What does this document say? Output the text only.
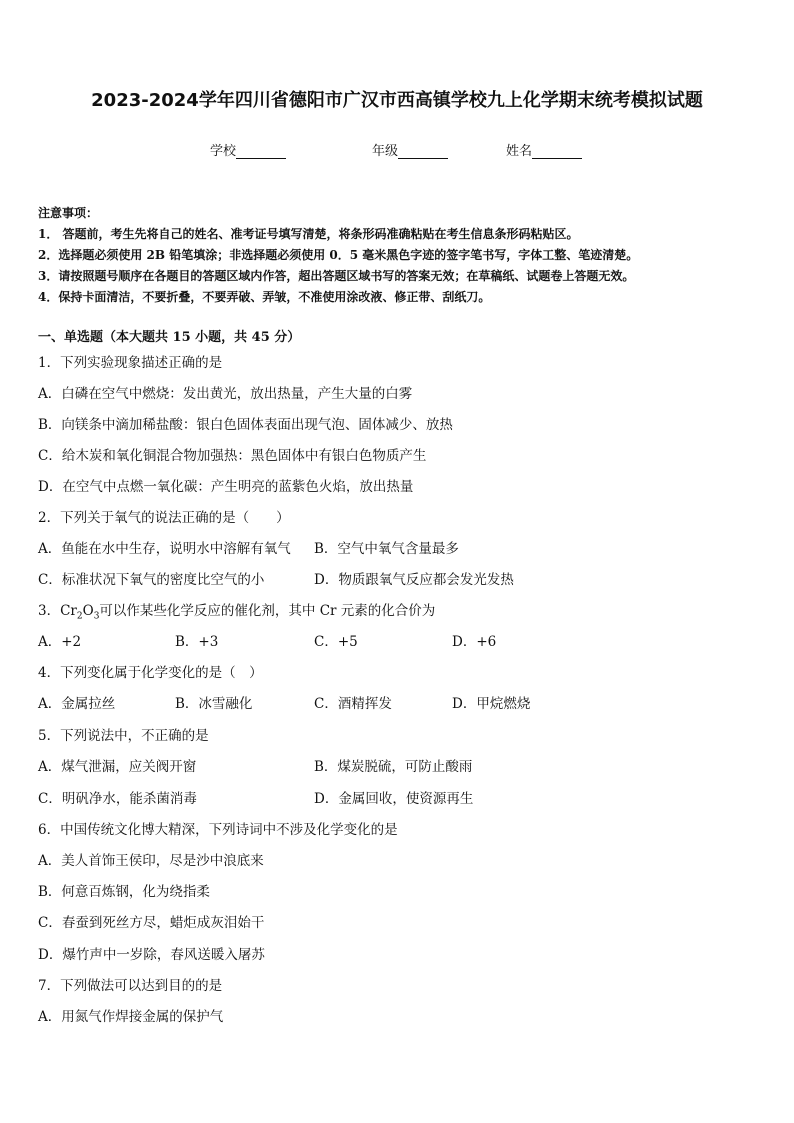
2023-2024学年四川省德阳市广汉市西高镇学校九上化学期末统考模拟试题
学校	年级	姓名
注意事项：
1． 答题前，考生先将自己的姓名、准考证号填写清楚，将条形码准确粘贴在考生信息条形码粘贴区。
2．选择题必须使用 2B 铅笔填涂；非选择题必须使用 0．5 毫米黑色字迹的签字笔书写，字体工整、笔迹清楚。
3．请按照题号顺序在各题目的答题区域内作答，超出答题区域书写的答案无效；在草稿纸、试题卷上答题无效。
4．保持卡面清洁，不要折叠，不要弄破、弄皱，不准使用涂改液、修正带、刮纸刀。
一、单选题（本大题共 15 小题，共 45 分）
1．下列实验现象描述正确的是
A．白磷在空气中燃烧：发出黄光，放出热量，产生大量的白雾
B．向镁条中滴加稀盐酸：银白色固体表面出现气泡、固体减少、放热
C．给木炭和氧化铜混合物加强热：黑色固体中有银白色物质产生
D．在空气中点燃一氧化碳：产生明亮的蓝紫色火焰，放出热量
2．下列关于氧气的说法正确的是（　　）
A．鱼能在水中生存，说明水中溶解有氧气 B．空气中氧气含量最多
C．标准状况下氧气的密度比空气的小	D．物质跟氧气反应都会发光发热
3．$Cr_2O_3$可以作某些化学反应的催化剂，其中 Cr 元素的化合价为
A．+2	B．+3	C．+5	D．+6
4．下列变化属于化学变化的是（　）
A．金属拉丝	B．冰雪融化	C．酒精挥发	D．甲烷燃烧
5．下列说法中，不正确的是
A．煤气泄漏，应关阀开窗	B．煤炭脱硫，可防止酸雨
C．明矾净水，能杀菌消毒	D．金属回收，使资源再生
6．中国传统文化博大精深，下列诗词中不涉及化学变化的是
A．美人首饰王侯印，尽是沙中浪底来
B．何意百炼钢，化为绕指柔
C．春蚕到死丝方尽，蜡炬成灰泪始干
D．爆竹声中一岁除，春风送暖入屠苏
7．下列做法可以达到目的的是
A．用氮气作焊接金属的保护气
